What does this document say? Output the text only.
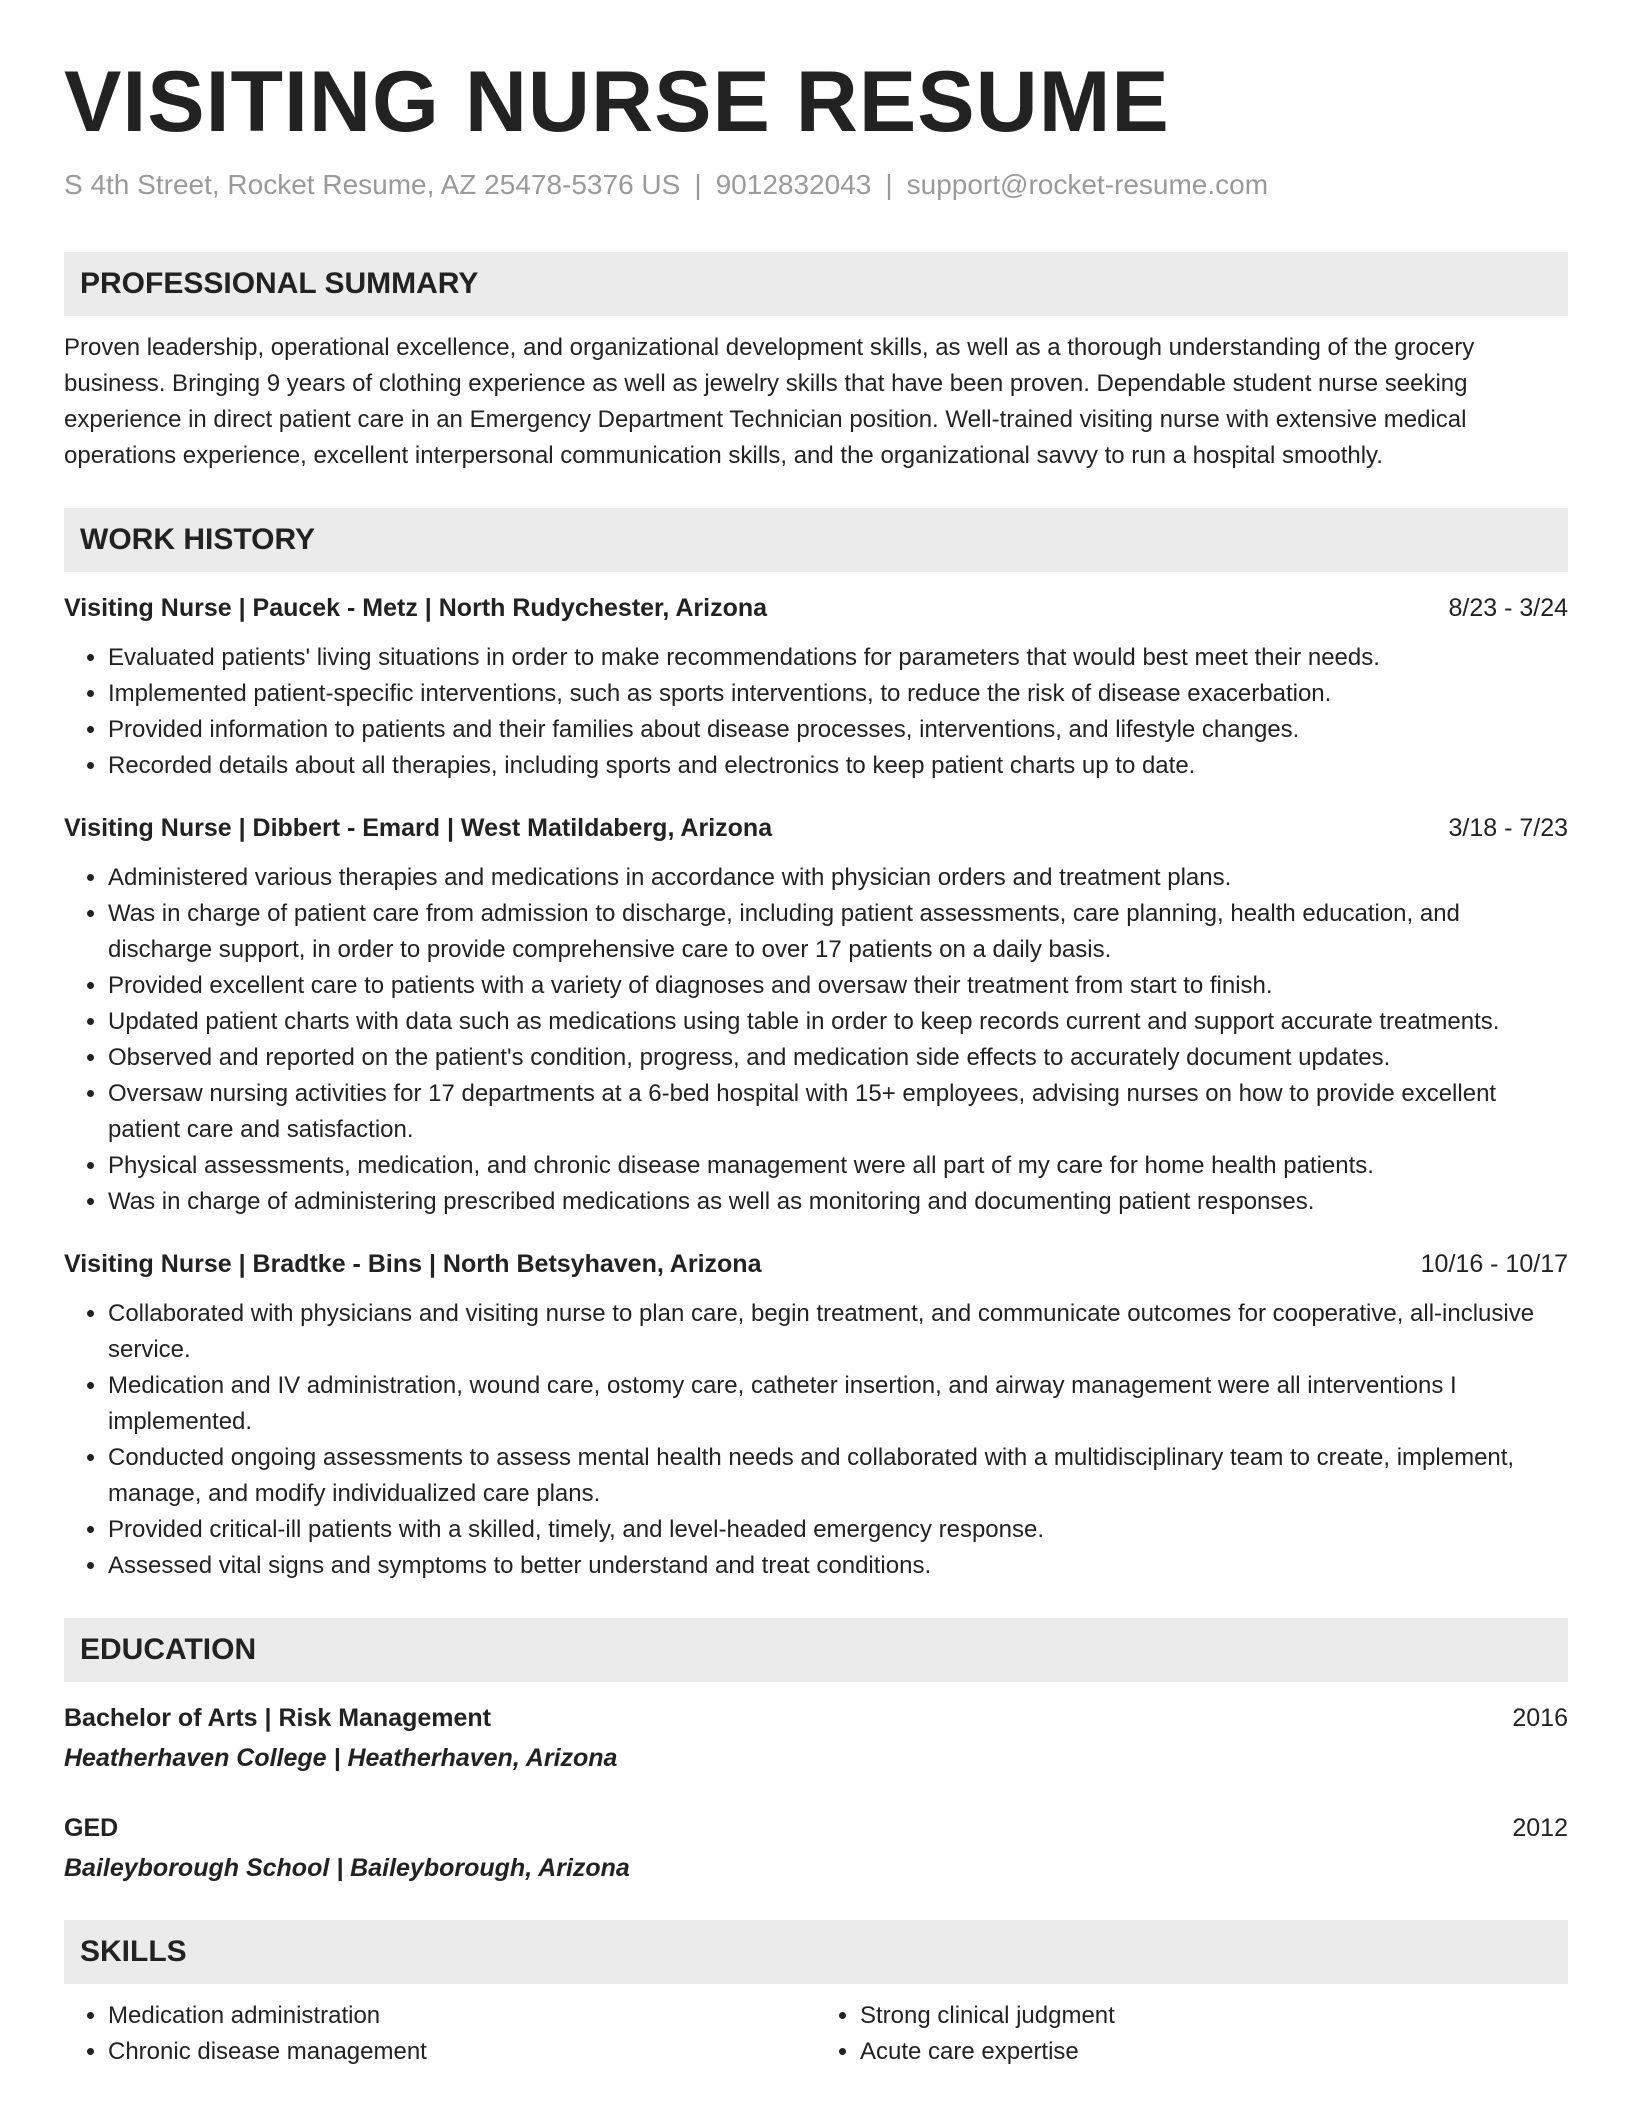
VISITING NURSE RESUME
S 4th Street, Rocket Resume, AZ 25478-5376 US | 9012832043 | support@rocket-resume.com
PROFESSIONAL SUMMARY
Proven leadership, operational excellence, and organizational development skills, as well as a thorough understanding of the grocery business. Bringing 9 years of clothing experience as well as jewelry skills that have been proven. Dependable student nurse seeking experience in direct patient care in an Emergency Department Technician position. Well-trained visiting nurse with extensive medical operations experience, excellent interpersonal communication skills, and the organizational savvy to run a hospital smoothly.
WORK HISTORY
Visiting Nurse | Paucek - Metz | North Rudychester, Arizona	8/23 - 3/24
• Evaluated patients' living situations in order to make recommendations for parameters that would best meet their needs.
• Implemented patient-specific interventions, such as sports interventions, to reduce the risk of disease exacerbation.
• Provided information to patients and their families about disease processes, interventions, and lifestyle changes.
• Recorded details about all therapies, including sports and electronics to keep patient charts up to date.
Visiting Nurse | Dibbert - Emard | West Matildaberg, Arizona	3/18 - 7/23
• Administered various therapies and medications in accordance with physician orders and treatment plans.
• Was in charge of patient care from admission to discharge, including patient assessments, care planning, health education, and discharge support, in order to provide comprehensive care to over 17 patients on a daily basis.
• Provided excellent care to patients with a variety of diagnoses and oversaw their treatment from start to finish.
• Updated patient charts with data such as medications using table in order to keep records current and support accurate treatments.
• Observed and reported on the patient's condition, progress, and medication side effects to accurately document updates.
• Oversaw nursing activities for 17 departments at a 6-bed hospital with 15+ employees, advising nurses on how to provide excellent patient care and satisfaction.
• Physical assessments, medication, and chronic disease management were all part of my care for home health patients.
• Was in charge of administering prescribed medications as well as monitoring and documenting patient responses.
Visiting Nurse | Bradtke - Bins | North Betsyhaven, Arizona	10/16 - 10/17
• Collaborated with physicians and visiting nurse to plan care, begin treatment, and communicate outcomes for cooperative, all-inclusive service.
• Medication and IV administration, wound care, ostomy care, catheter insertion, and airway management were all interventions I implemented.
• Conducted ongoing assessments to assess mental health needs and collaborated with a multidisciplinary team to create, implement, manage, and modify individualized care plans.
• Provided critical-ill patients with a skilled, timely, and level-headed emergency response.
• Assessed vital signs and symptoms to better understand and treat conditions.
EDUCATION
Bachelor of Arts | Risk Management	2016
Heatherhaven College | Heatherhaven, Arizona
GED	2012
Baileyborough School | Baileyborough, Arizona
SKILLS
• Medication administration
• Chronic disease management
• Strong clinical judgment
• Acute care expertise
